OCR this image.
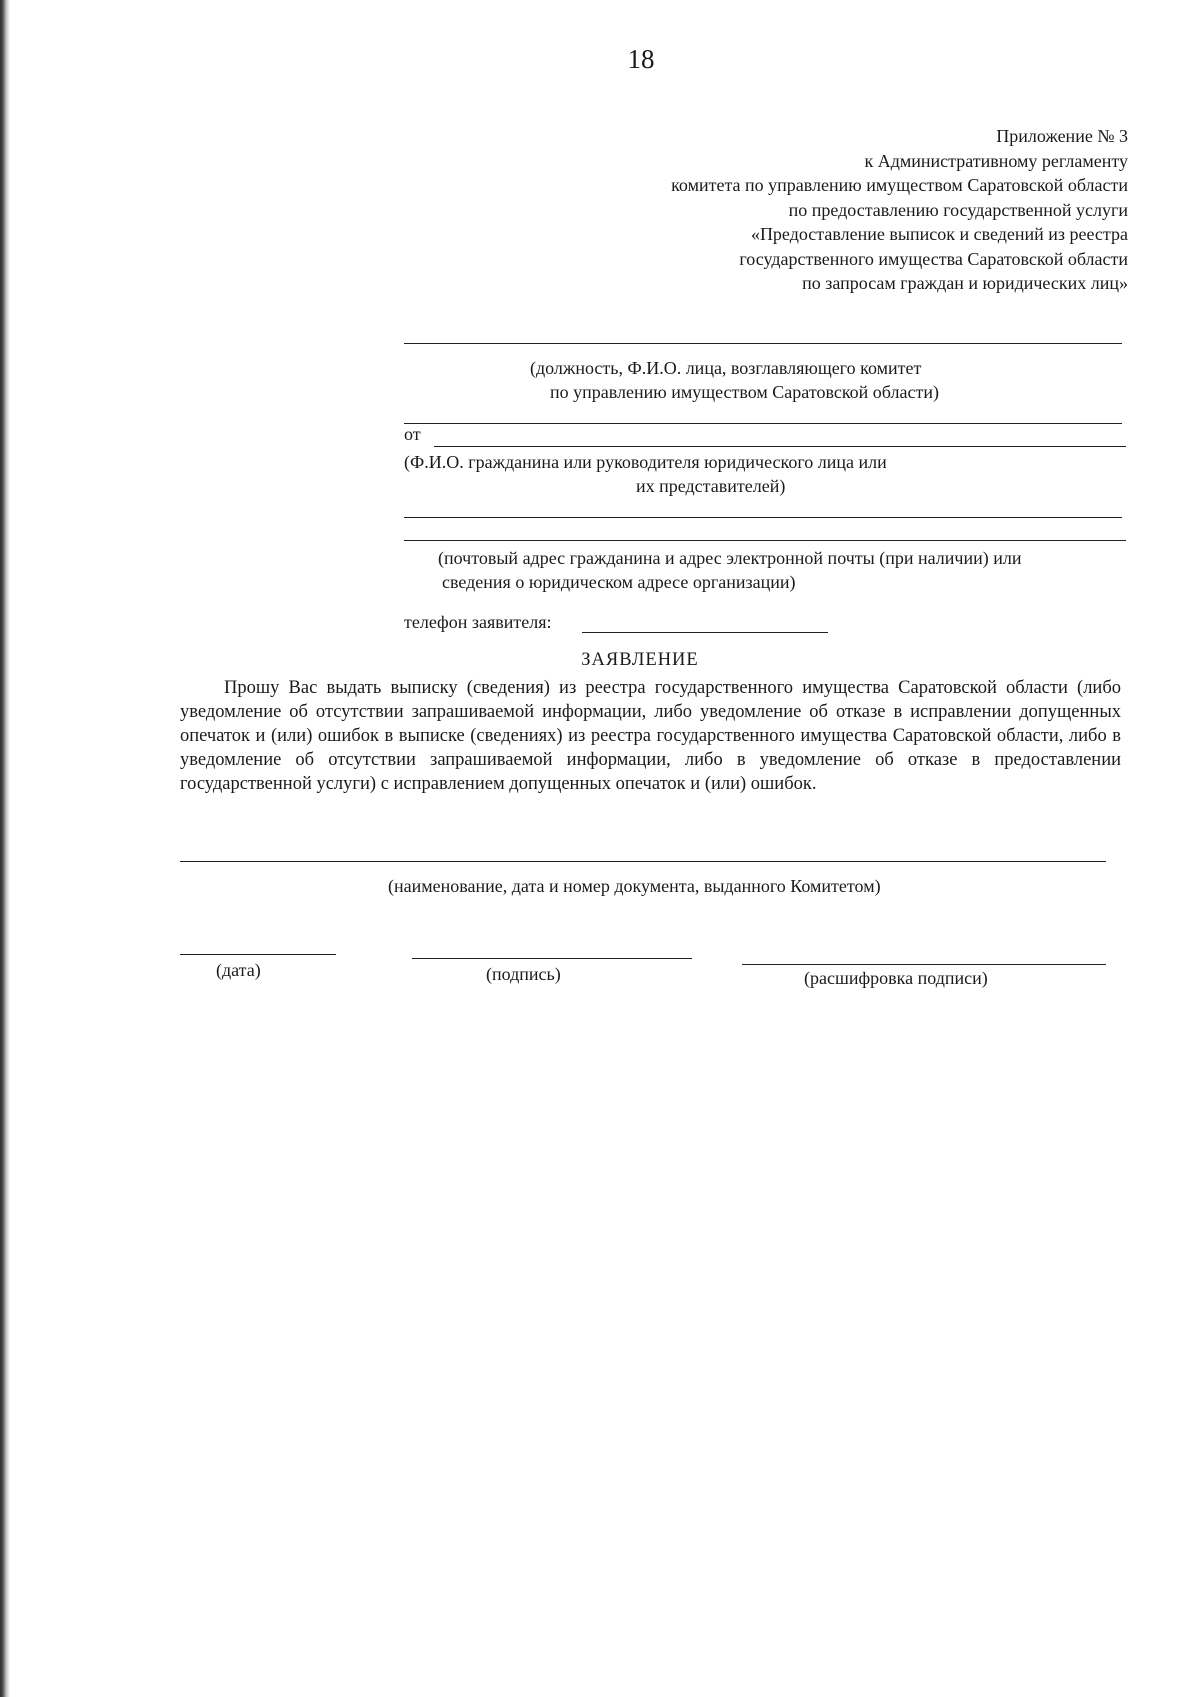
18
Приложение № 3
к Административному регламенту
комитета по управлению имуществом Саратовской области
по предоставлению государственной услуги
«Предоставление выписок и сведений из реестра
государственного имущества Саратовской области
по запросам граждан и юридических лиц»
(должность, Ф.И.О. лица, возглавляющего комитет
по управлению имуществом Саратовской области)
от
(Ф.И.О. гражданина или руководителя юридического лица или
их представителей)
(почтовый адрес гражданина и адрес электронной почты (при наличии) или
сведения о юридическом адресе организации)
телефон заявителя:
ЗАЯВЛЕНИЕ
Прошу Вас выдать выписку (сведения) из реестра государственного имущества Саратовской области (либо уведомление об отсутствии запрашиваемой информации, либо уведомление об отказе в исправлении допущенных опечаток и (или) ошибок в выписке (сведениях) из реестра государственного имущества Саратовской области, либо в уведомление об отсутствии запрашиваемой информации, либо в уведомление об отказе в предоставлении государственной услуги) с исправлением допущенных опечаток и (или) ошибок.
(наименование, дата и номер документа, выданного Комитетом)
(дата)	(подпись)	(расшифровка подписи)
